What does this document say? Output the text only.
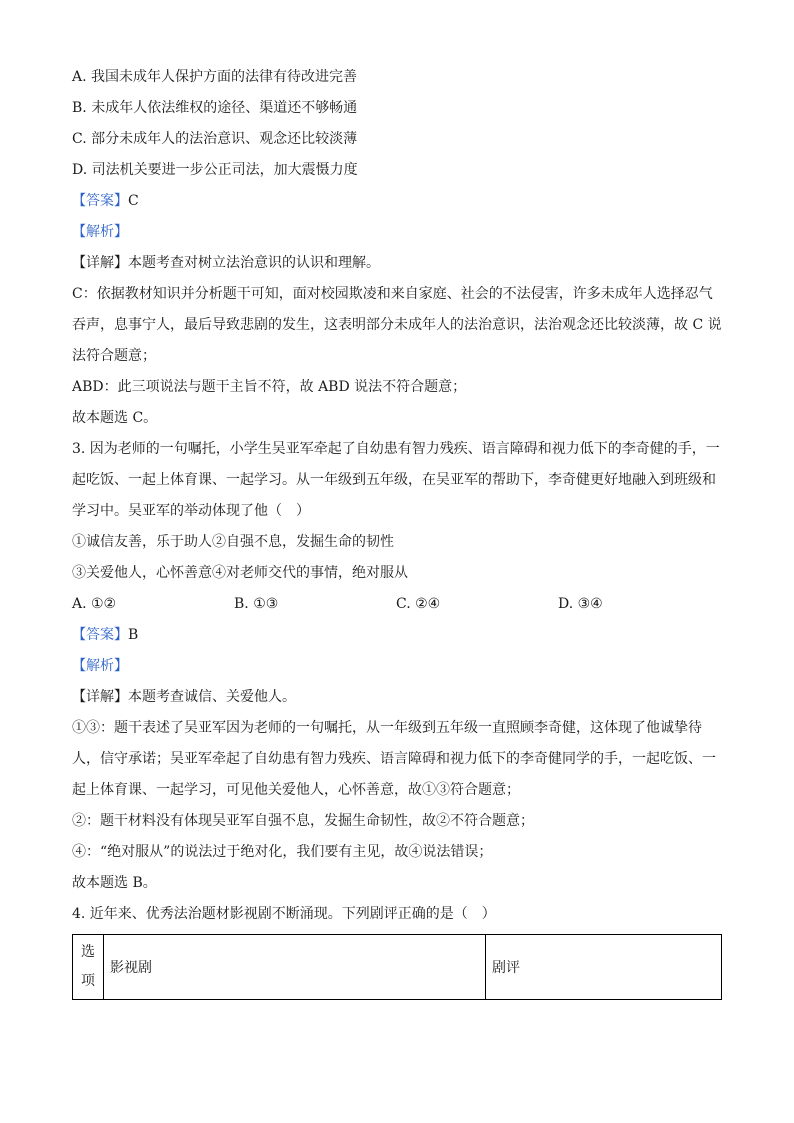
A. 我国未成年人保护方面的法律有待改进完善
B. 未成年人依法维权的途径、渠道还不够畅通
C. 部分未成年人的法治意识、观念还比较淡薄
D. 司法机关要进一步公正司法，加大震慑力度
【答案】C
【解析】
【详解】本题考查对树立法治意识的认识和理解。
C：依据教材知识并分析题干可知，面对校园欺凌和来自家庭、社会的不法侵害，许多未成年人选择忍气
吞声，息事宁人，最后导致悲剧的发生，这表明部分未成年人的法治意识，法治观念还比较淡薄，故 C 说
法符合题意；
ABD：此三项说法与题干主旨不符，故 ABD 说法不符合题意；
故本题选 C。
3. 因为老师的一句嘱托，小学生吴亚军牵起了自幼患有智力残疾、语言障碍和视力低下的李奇健的手，一
起吃饭、一起上体育课、一起学习。从一年级到五年级，在吴亚军的帮助下，李奇健更好地融入到班级和
学习中。吴亚军的举动体现了他（　）
①诚信友善，乐于助人②自强不息，发掘生命的韧性
③关爱他人，心怀善意④对老师交代的事情，绝对服从
A. ①②	B. ①③	C. ②④	D. ③④
【答案】B
【解析】
【详解】本题考查诚信、关爱他人。
①③：题干表述了吴亚军因为老师的一句嘱托，从一年级到五年级一直照顾李奇健，这体现了他诚挚待
人，信守承诺；吴亚军牵起了自幼患有智力残疾、语言障碍和视力低下的李奇健同学的手，一起吃饭、一
起上体育课、一起学习，可见他关爱他人，心怀善意，故①③符合题意；
②：题干材料没有体现吴亚军自强不息，发掘生命韧性，故②不符合题意；
④：“绝对服从”的说法过于绝对化，我们要有主见，故④说法错误；
故本题选 B。
4. 近年来、优秀法治题材影视剧不断涌现。下列剧评正确的是（　）
选项	影视剧	剧评
